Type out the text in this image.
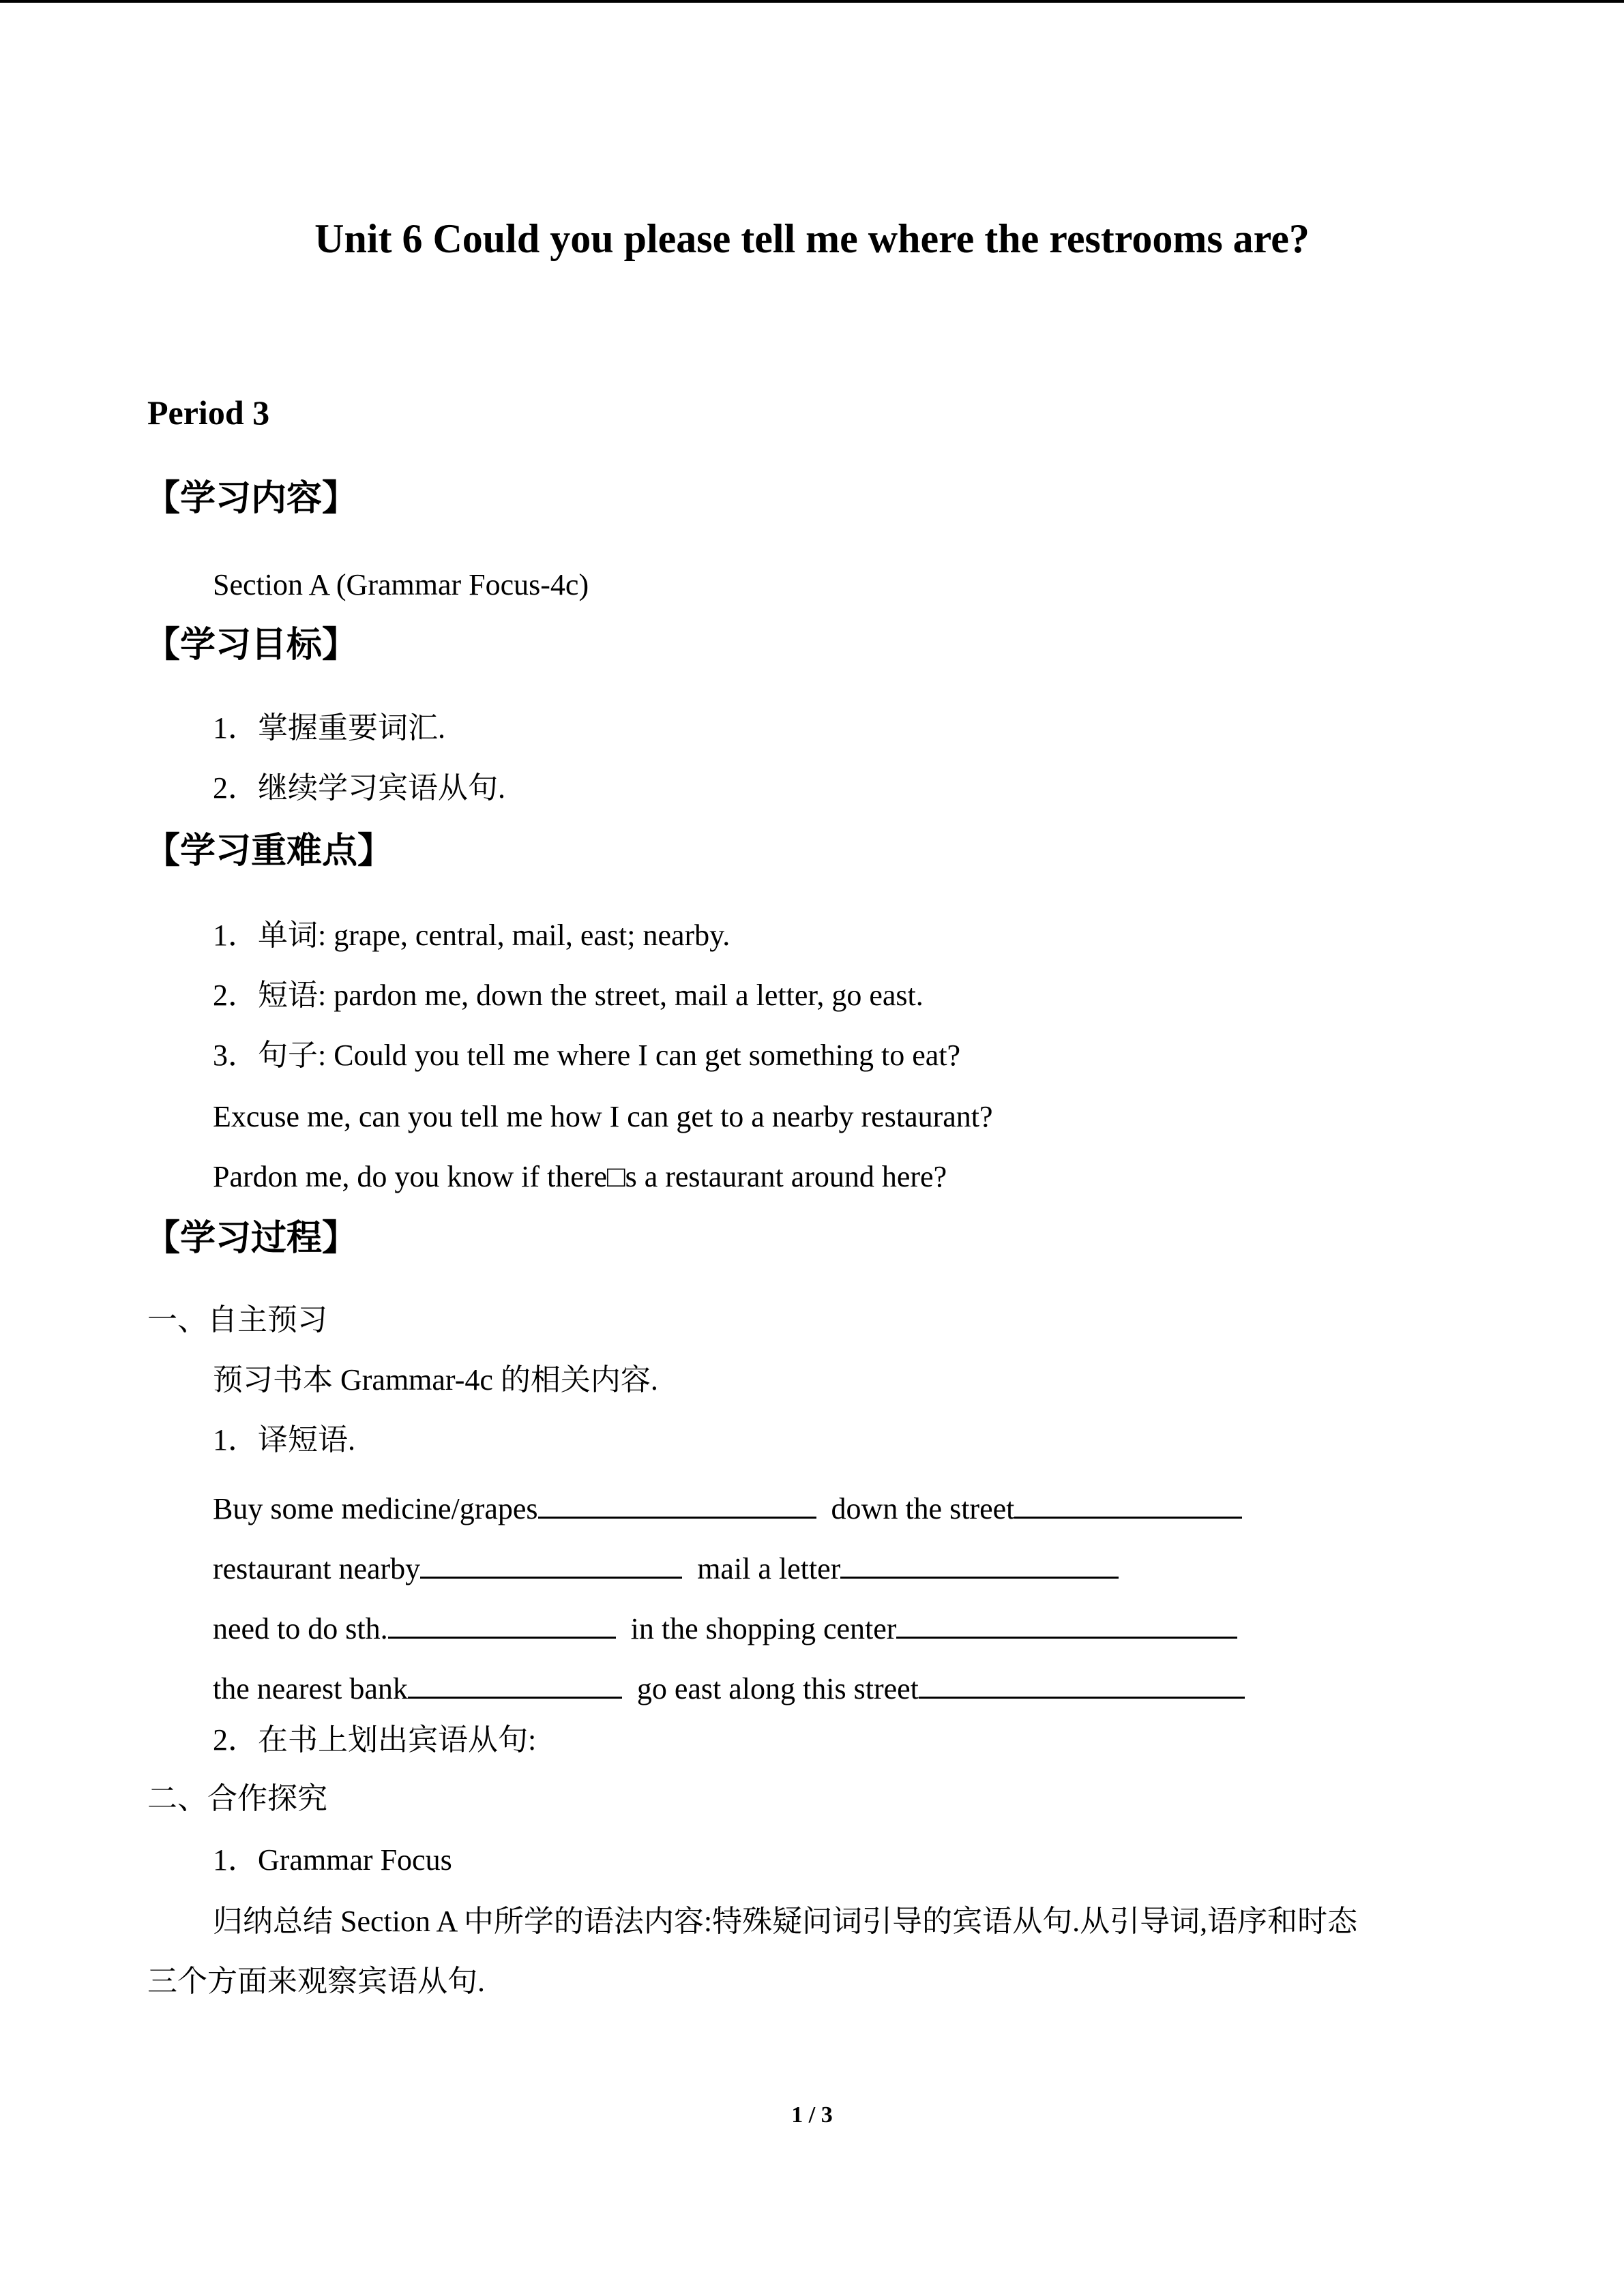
Unit 6 Could you please tell me where the restrooms are?
Period 3
【学习内容】
Section A (Grammar Focus-4c)
【学习目标】
1．掌握重要词汇.
2．继续学习宾语从句.
【学习重难点】
1．单词: grape, central, mail, east; nearby.
2．短语: pardon me, down the street, mail a letter, go east.
3．句子: Could you tell me where I can get something to eat?
Excuse me, can you tell me how I can get to a nearby restaurant?
Pardon me, do you know if there□s a restaurant around here?
【学习过程】
一、自主预习
预习书本 Grammar-4c 的相关内容.
1．译短语.
Buy some medicine/grapes	down the street
restaurant nearby	mail a letter
need to do sth.	in the shopping center
the nearest bank	go east along this street
2．在书上划出宾语从句:
二、合作探究
1．Grammar Focus
归纳总结 Section A 中所学的语法内容:特殊疑问词引导的宾语从句.从引导词,语序和时态
三个方面来观察宾语从句.
1 / 3
